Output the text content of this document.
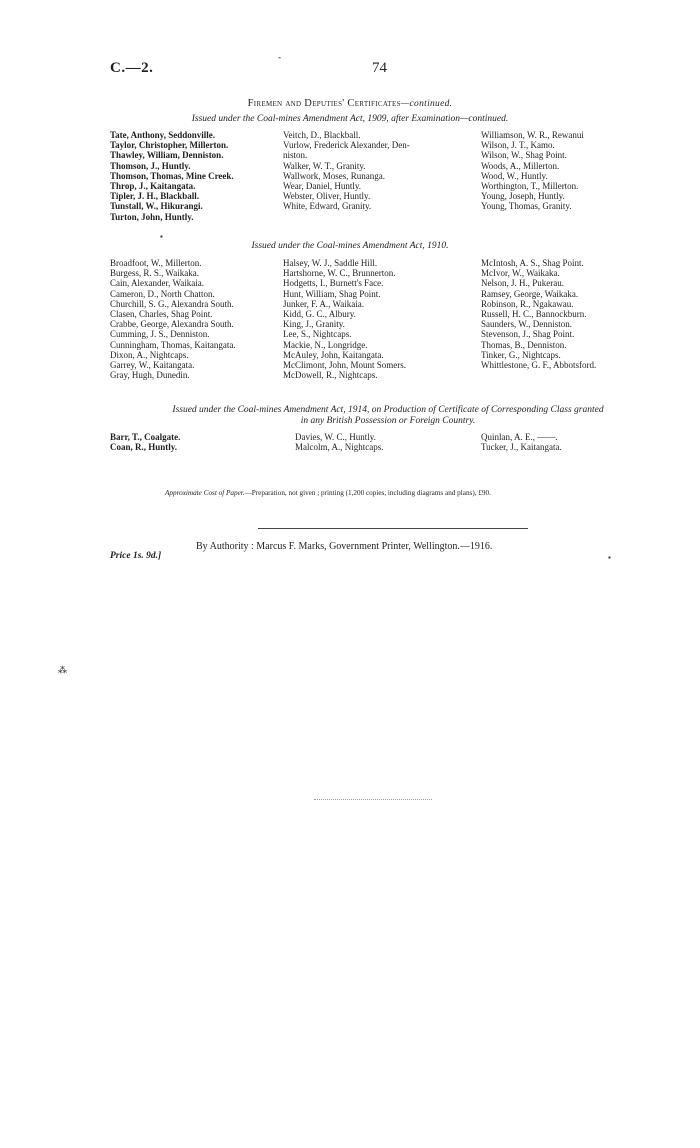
C.—2.
-
74
Firemen and Deputies' Certificates—continued.
Issued under the Coal-mines Amendment Act, 1909, after Examination—continued.
Tate, Anthony, Seddonville.
Taylor, Christopher, Millerton.
Thawley, William, Denniston.
Thomson, J., Huntly.
Thomson, Thomas, Mine Creek.
Throp, J., Kaitangata.
Tipler, J. H., Blackball.
Tunstall, W., Hikurangi.
Turton, John, Huntly.
Veitch, D., Blackball.
Vurlow, Frederick Alexander, Den-
niston.
Walker, W. T., Granity.
Wallwork, Moses, Runanga.
Wear, Daniel, Huntly.
Webster, Oliver, Huntly.
White, Edward, Granity.
Williamson, W. R., Rewanui
Wilson, J. T., Kamo.
Wilson, W., Shag Point.
Woods, A., Millerton.
Wood, W., Huntly.
Worthington, T., Millerton.
Young, Joseph, Huntly.
Young, Thomas, Granity.
▪
Issued under the Coal-mines Amendment Act, 1910.
Broadfoot, W., Millerton.
Burgess, R. S., Waikaka.
Cain, Alexander, Waikaia.
Cameron, D., North Chatton.
Churchill, S. G., Alexandra South.
Clasen, Charles, Shag Point.
Crabbe, George, Alexandra South.
Cumming, J. S., Denniston.
Cunningham, Thomas, Kaitangata.
Dixon, A., Nightcaps.
Garrey, W., Kaitangata.
Gray, Hugh, Dunedin.
Halsey, W. J., Saddle Hill.
Hartshorne, W. C., Brunnerton.
Hodgetts, I., Burnett's Face.
Hunt, William, Shag Point.
Junker, F. A., Waikaia.
Kidd, G. C., Albury.
King, J., Granity.
Lee, S., Nightcaps.
Mackie, N., Longridge.
McAuley, John, Kaitangata.
McClimont, John, Mount Somers.
McDowell, R., Nightcaps.
McIntosh, A. S., Shag Point.
McIvor, W., Waikaka.
Nelson, J. H., Pukerau.
Ramsey, George, Waikaka.
Robinson, R., Ngakawau.
Russell, H. C., Bannockburn.
Saunders, W., Denniston.
Stevenson, J., Shag Point.
Thomas, B., Denniston.
Tinker, G., Nightcaps.
Whittlestone, G. F., Abbotsford.
Issued under the Coal-mines Amendment Act, 1914, on Production of Certificate of Corresponding Class granted
in any British Possession or Foreign Country.
Barr, T., Coalgate.
Coan, R., Huntly.
Davies, W. C., Huntly.
Malcolm, A., Nightcaps.
Quinlan, A. E., ——.
Tucker, J., Kaitangata.
Approximate Cost of Paper.—Preparation, not given ; printing (1,200 copies, including diagrams and plans), £90.
By Authority : Marcus F. Marks, Government Printer, Wellington.—1916.
Price 1s. 9d.]	▪
⁂
